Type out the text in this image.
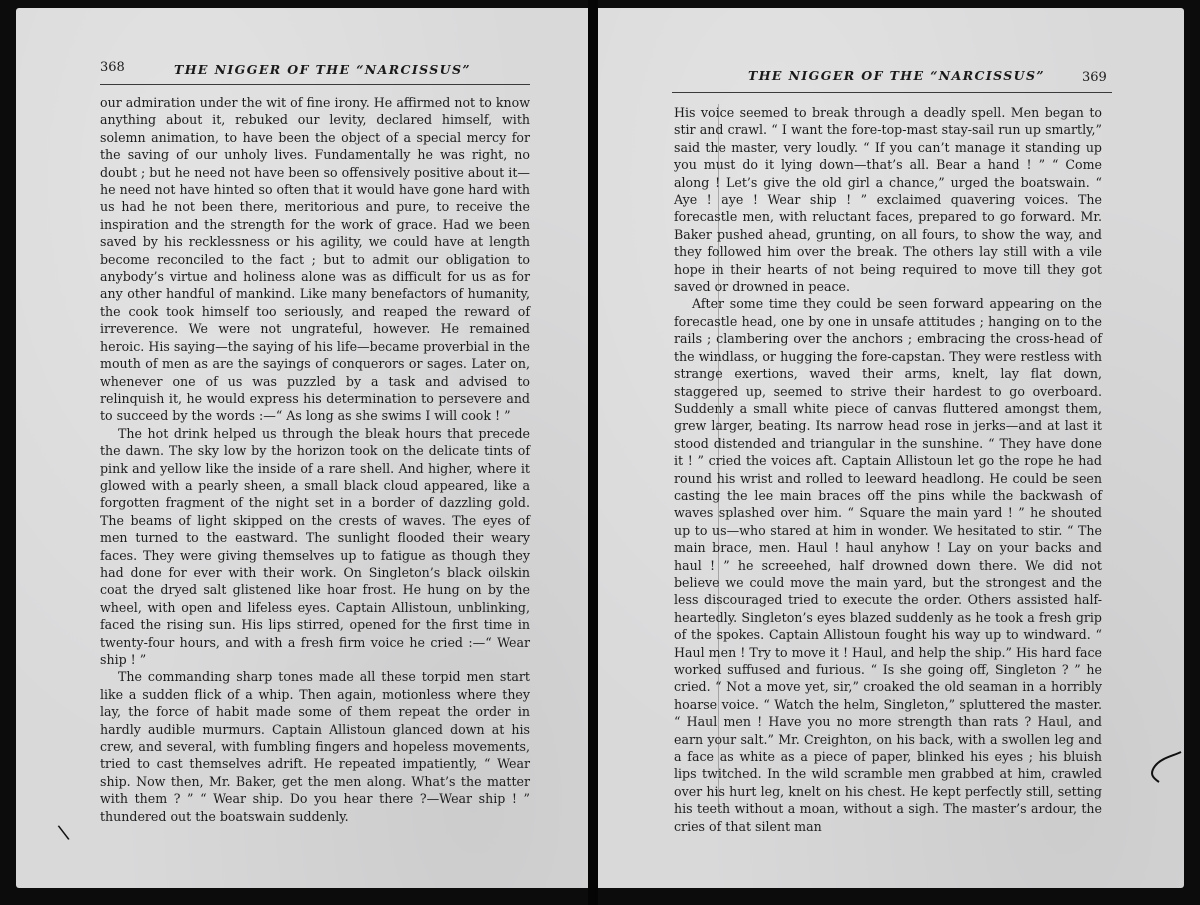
368	THE NIGGER OF THE “NARCISSUS”

our admiration under the wit of fine irony. He affirmed not to know anything about it, rebuked our levity, declared himself, with solemn animation, to have been the object of a special mercy for the saving of our unholy lives. Fundamentally he was right, no doubt ; but he need not have been so offensively positive about it—he need not have hinted so often that it would have gone hard with us had he not been there, meritorious and pure, to receive the inspiration and the strength for the work of grace. Had we been saved by his recklessness or his agility, we could have at length become reconciled to the fact ; but to admit our obligation to anybody’s virtue and holiness alone was as difficult for us as for any other handful of mankind. Like many benefactors of humanity, the cook took himself too seriously, and reaped the reward of irreverence. We were not ungrateful, however. He remained heroic. His saying—the saying of his life—became proverbial in the mouth of men as are the sayings of conquerors or sages. Later on, whenever one of us was puzzled by a task and advised to relinquish it, he would express his determination to persevere and to succeed by the words :—“ As long as she swims I will cook ! ”

The hot drink helped us through the bleak hours that precede the dawn. The sky low by the horizon took on the delicate tints of pink and yellow like the inside of a rare shell. And higher, where it glowed with a pearly sheen, a small black cloud appeared, like a forgotten fragment of the night set in a border of dazzling gold. The beams of light skipped on the crests of waves. The eyes of men turned to the eastward. The sunlight flooded their weary faces. They were giving themselves up to fatigue as though they had done for ever with their work. On Singleton’s black oilskin coat the dryed salt glistened like hoar frost. He hung on by the wheel, with open and lifeless eyes. Captain Allistoun, unblinking, faced the rising sun. His lips stirred, opened for the first time in twenty-four hours, and with a fresh firm voice he cried :—“ Wear ship ! ”

The commanding sharp tones made all these torpid men start like a sudden flick of a whip. Then again, motionless where they lay, the force of habit made some of them repeat the order in hardly audible murmurs. Captain Allistoun glanced down at his crew, and several, with fumbling fingers and hopeless movements, tried to cast themselves adrift. He repeated impatiently, “ Wear ship. Now then, Mr. Baker, get the men along. What’s the matter with them ? ” “ Wear ship. Do you hear there ?—Wear ship ! ” thundered out the boatswain suddenly.

\
THE NIGGER OF THE “NARCISSUS”	369

His voice seemed to break through a deadly spell. Men began to stir and crawl. “ I want the fore-top-mast stay-sail run up smartly,” said the master, very loudly. “ If you can’t manage it standing up you must do it lying down—that’s all. Bear a hand ! ” “ Come along ! Let’s give the old girl a chance,” urged the boatswain. “ Aye ! aye ! Wear ship ! ” exclaimed quavering voices. The forecastle men, with reluctant faces, prepared to go forward. Mr. Baker pushed ahead, grunting, on all fours, to show the way, and they followed him over the break. The others lay still with a vile hope in their hearts of not being required to move till they got saved or drowned in peace.

After some time they could be seen forward appearing on the forecastle head, one by one in unsafe attitudes ; hanging on to the rails ; clambering over the anchors ; embracing the cross-head of the windlass, or hugging the fore-capstan. They were restless with strange exertions, waved their arms, knelt, lay flat down, staggered up, seemed to strive their hardest to go overboard. Suddenly a small white piece of canvas fluttered amongst them, grew larger, beating. Its narrow head rose in jerks—and at last it stood distended and triangular in the sunshine. “ They have done it ! ” cried the voices aft. Captain Allistoun let go the rope he had round his wrist and rolled to leeward headlong. He could be seen casting the lee main braces off the pins while the backwash of waves splashed over him. “ Square the main yard ! ” he shouted up to us—who stared at him in wonder. We hesitated to stir. “ The main brace, men. Haul ! haul anyhow ! Lay on your backs and haul ! ” he screeehed, half drowned down there. We did not believe we could move the main yard, but the strongest and the less discouraged tried to execute the order. Others assisted half-heartedly. Singleton’s eyes blazed suddenly as he took a fresh grip of the spokes. Captain Allistoun fought his way up to windward. “ Haul men ! Try to move it ! Haul, and help the ship.” His hard face worked suffused and furious. “ Is she going off, Singleton ? ” he cried. “ Not a move yet, sir,” croaked the old seaman in a horribly hoarse voice. “ Watch the helm, Singleton,” spluttered the master. “ Haul men ! Have you no more strength than rats ? Haul, and earn your salt.” Mr. Creighton, on his back, with a swollen leg and a face as white as a piece of paper, blinked his eyes ; his bluish lips twitched. In the wild scramble men grabbed at him, crawled over his hurt leg, knelt on his chest. He kept perfectly still, setting his teeth without a moan, without a sigh. The master’s ardour, the cries of that silent man
